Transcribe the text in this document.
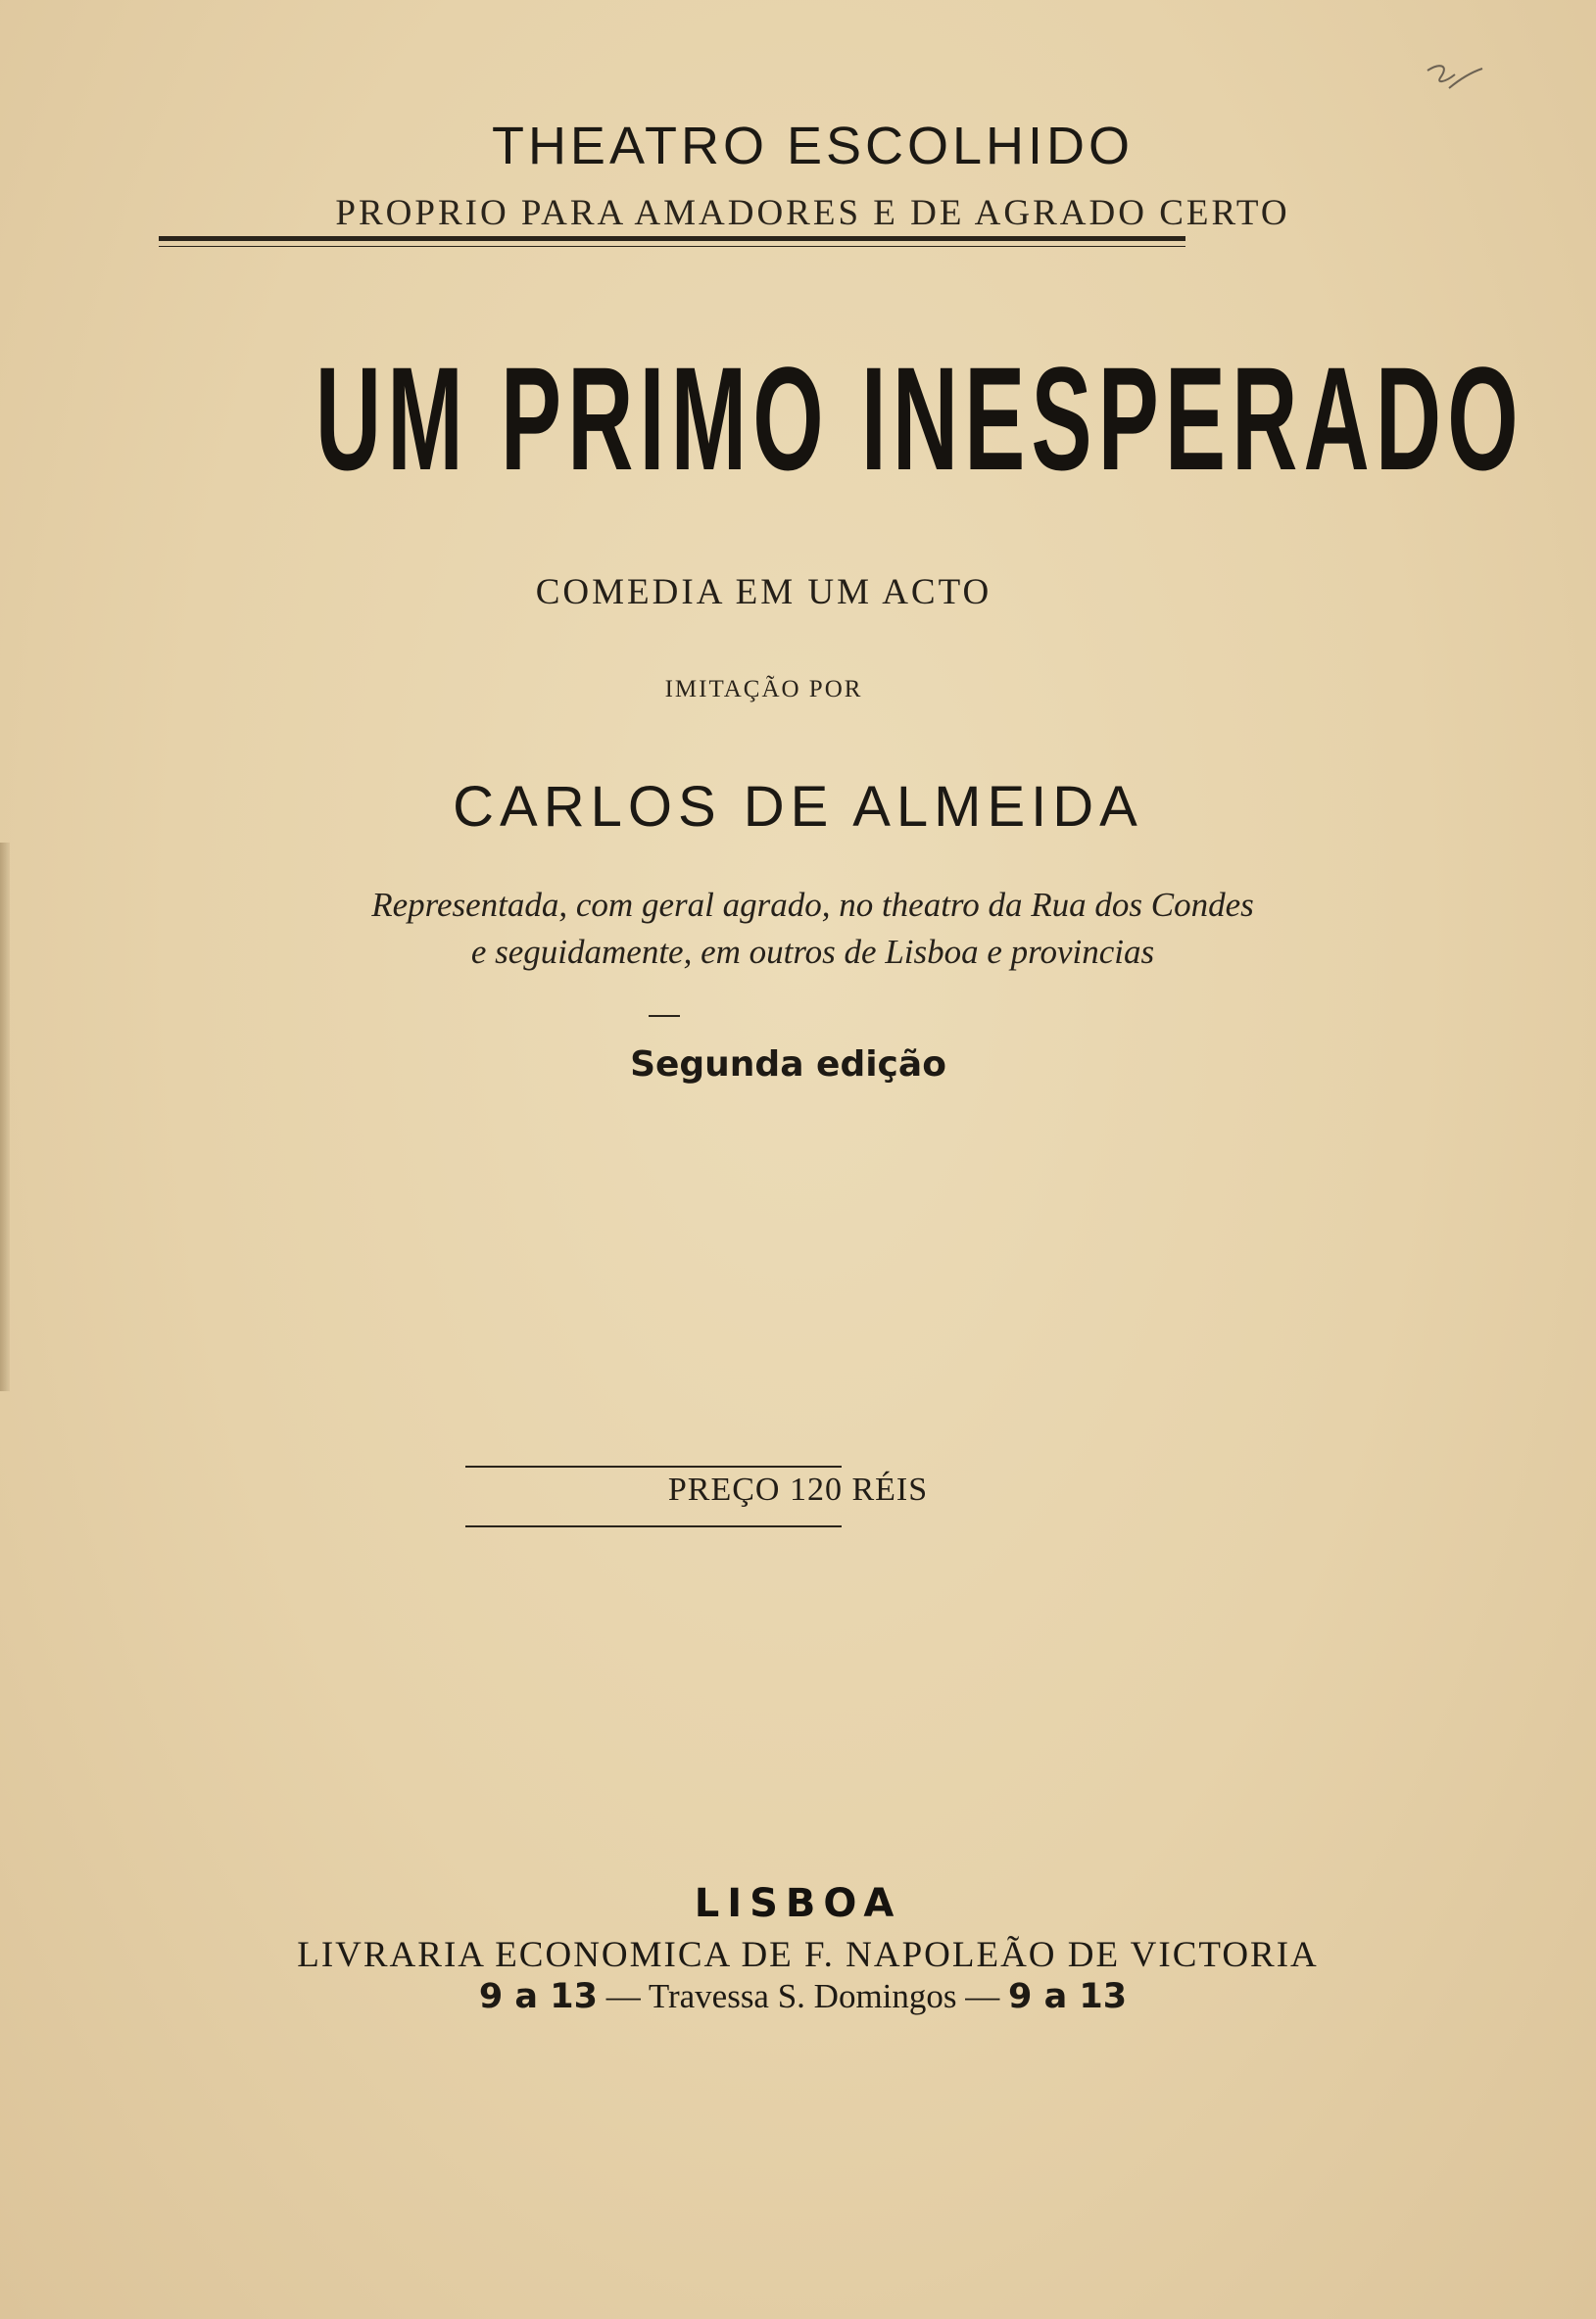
THEATRO ESCOLHIDO
PROPRIO PARA AMADORES E DE AGRADO CERTO
UM PRIMO INESPERADO
COMEDIA EM UM ACTO
IMITAÇÃO POR
CARLOS DE ALMEIDA
Representada, com geral agrado, no theatro da Rua dos Condes
e seguidamente, em outros de Lisboa e provincias
Segunda edição
PREÇO 120 RÉIS
LISBOA
LIVRARIA ECONOMICA DE F. NAPOLEÃO DE VICTORIA
9 a 13 — Travessa S. Domingos — 9 a 13
